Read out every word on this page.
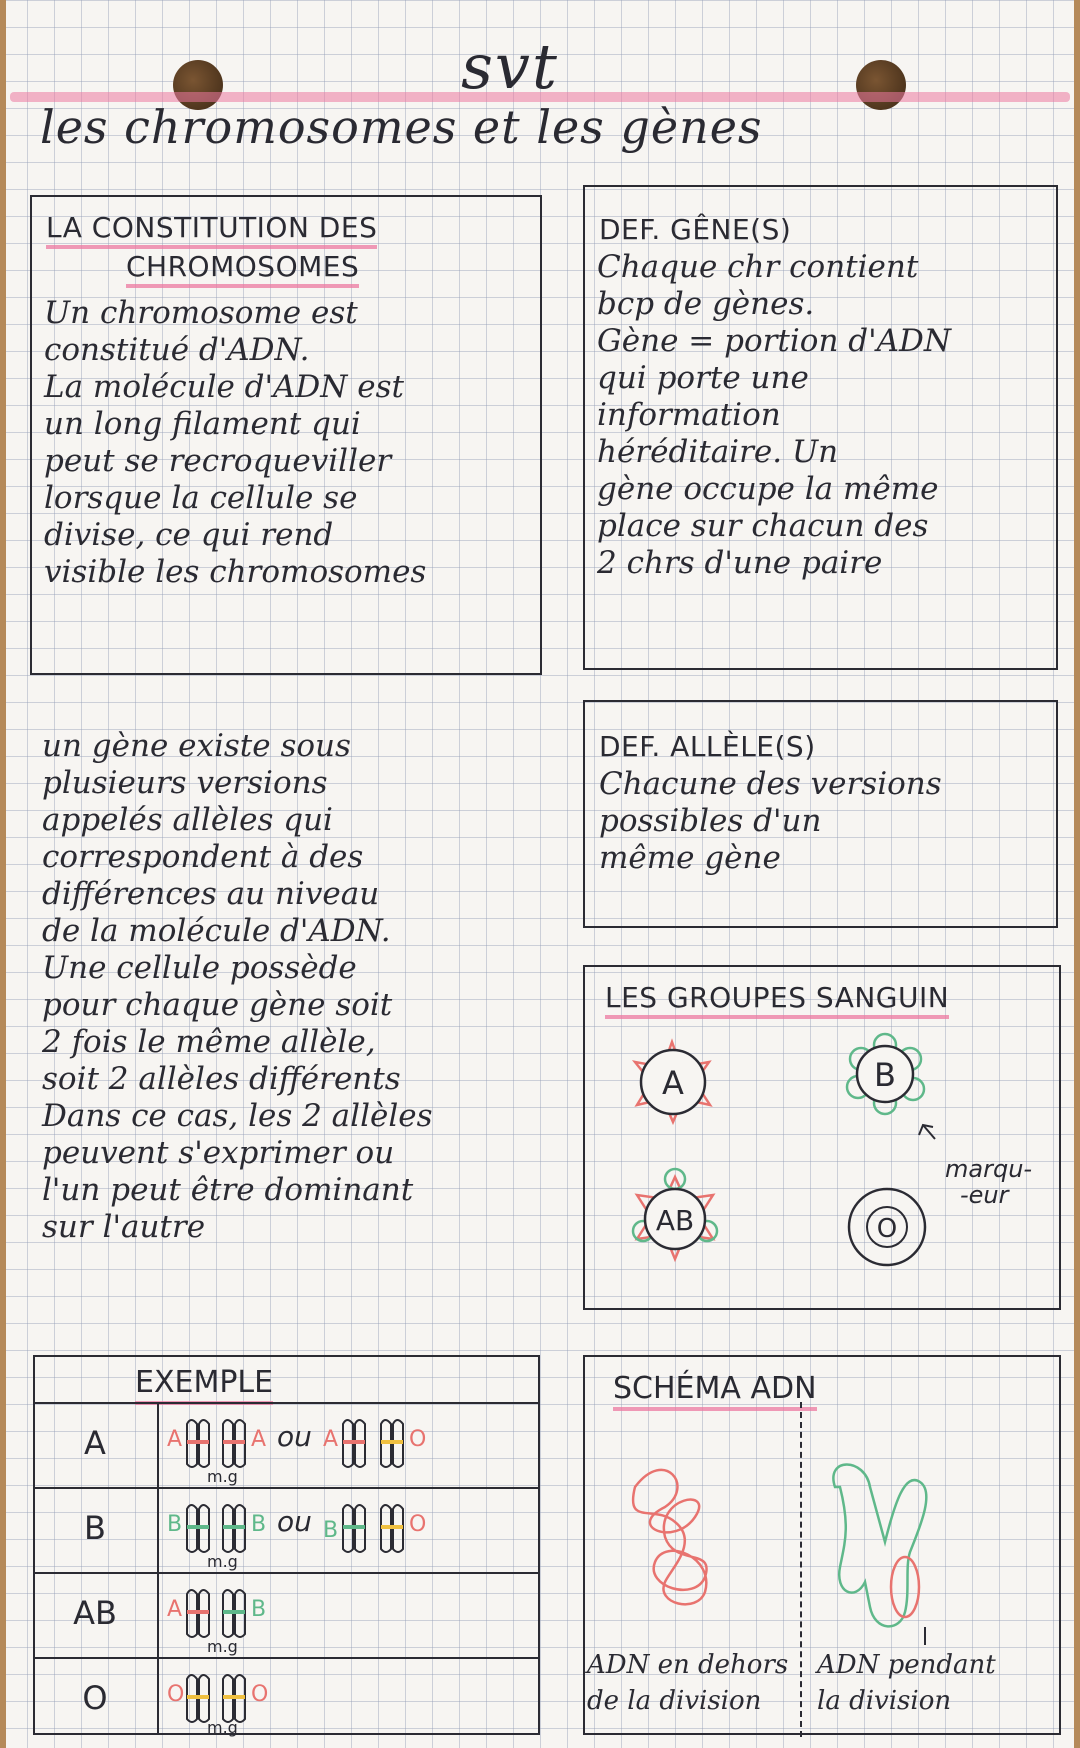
svt
les chromosomes et les gènes
LA CONSTITUTION DES
CHROMOSOMES
Un chromosome est
constitué d'ADN.
La molécule d'ADN est
un long filament qui
peut se recroqueviller
lorsque la cellule se
divise, ce qui rend
visible les chromosomes
DEF. GÊNE(S)
Chaque chr contient
bcp de gènes.
Gène = portion d'ADN
qui porte une
information
héréditaire. Un
gène occupe la même
place sur chacun des
2 chrs d'une paire
un gène existe sous
plusieurs versions
appelés allèles qui
correspondent à des
différences au niveau
de la molécule d'ADN.
Une cellule possède
pour chaque gène soit
2 fois le même allèle,
soit 2 allèles différents
Dans ce cas, les 2 allèles
peuvent s'exprimer ou
l'un peut être dominant
sur l'autre
DEF. ALLÈLE(S)
Chacune des versions
possibles d'un
même gène
LES GROUPES SANGUIN
A	B
marqu-
-eur
AB	O
EXEMPLE
A	A	A ou A	O
m.g
B	B	B ou B	O
m.g
AB	A	B
m.g
O	O	O
m.g
SCHÉMA ADN
ADN en dehors
de la division
ADN pendant
la division
